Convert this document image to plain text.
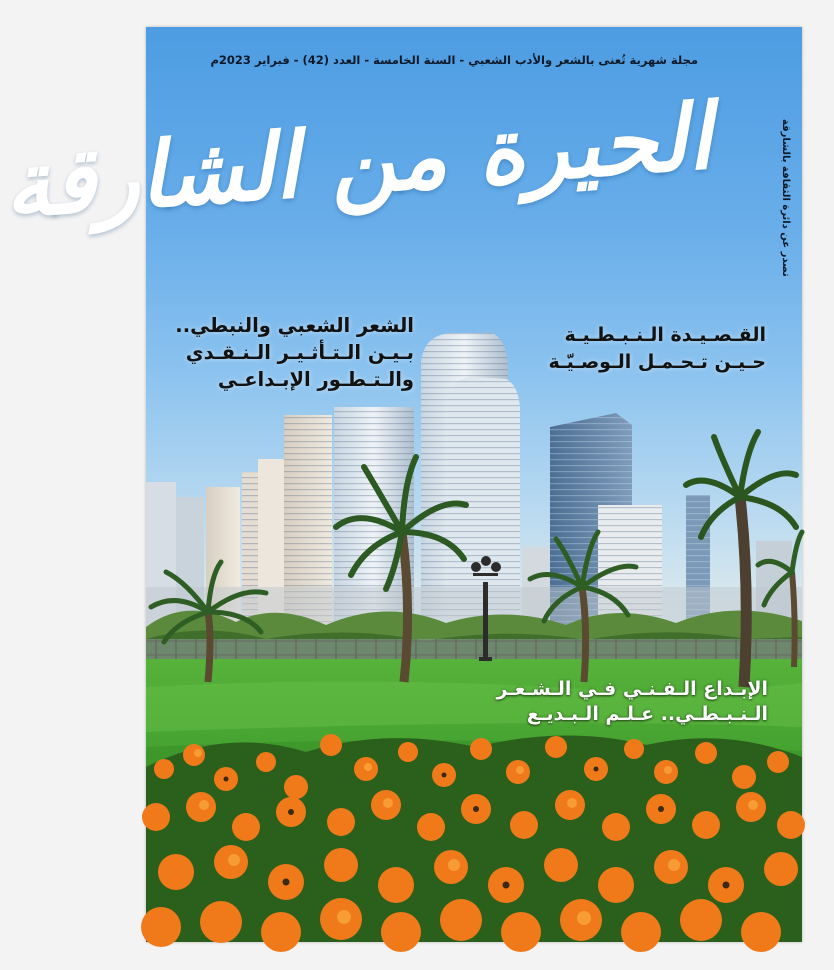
مجلة شهرية تُعنى بالشعر والأدب الشعبي - السنة الخامسة - العدد (42) - فبراير 2023م
تصدر عن دائرة الثقافة بالشارقة
الحيرة من الشارقة
القـصـيـدة الـنـبـطـيـة
حـيـن تـحـمـل الـوصـيّـة
الشعر الشعبي والنبطي..
بـيـن الـتـأثـيـر الـنـقـدي
والـتـطـور الإبـداعـي
الإبـداع الـفـنـي فـي الـشـعـر
الـنـبـطـي.. عـلـم الـبـديـع
